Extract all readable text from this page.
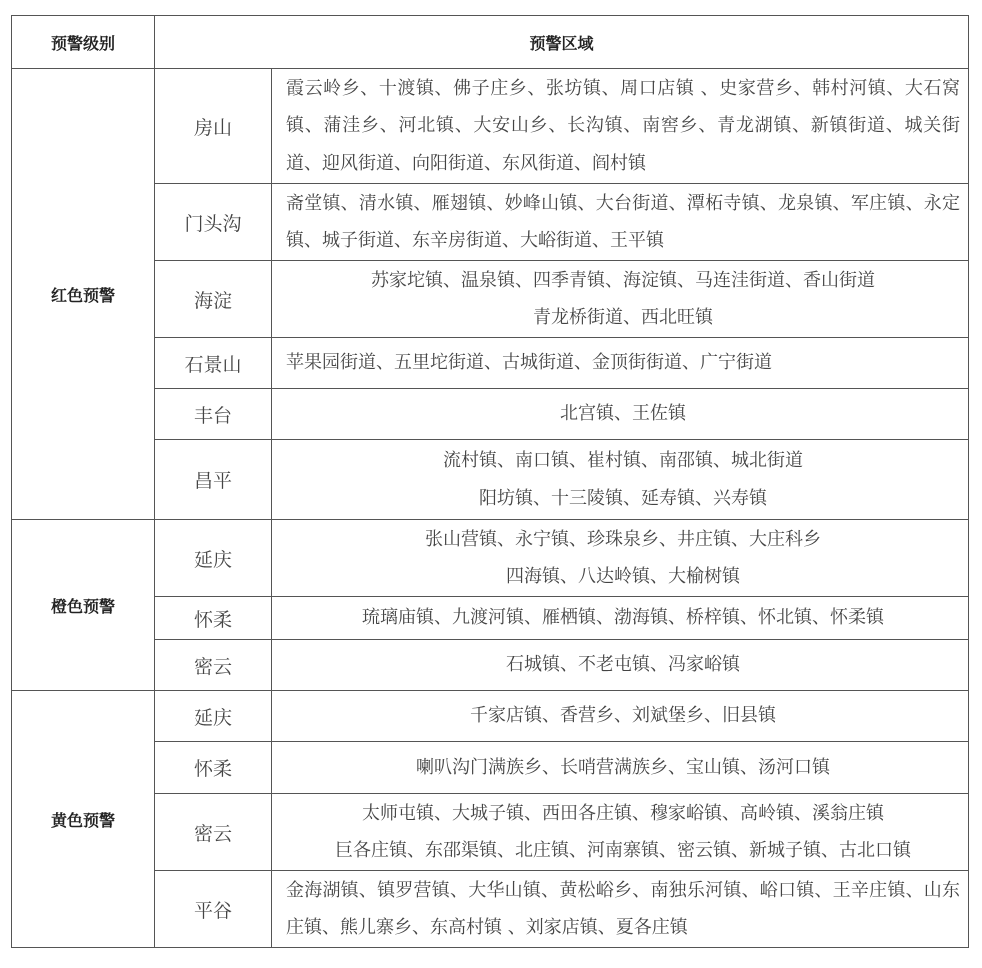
预警级别	预警区域	
红色预警	房山	霞云岭乡、十渡镇、佛子庄乡、张坊镇、周口店镇 、史家营乡、韩村河镇、大石窝镇、蒲洼乡、河北镇、大安山乡、长沟镇、南窖乡、青龙湖镇、新镇街道、城关街道、迎风街道、向阳街道、东风街道、阎村镇
	门头沟	斋堂镇、清水镇、雁翅镇、妙峰山镇、大台街道、潭柘寺镇、龙泉镇、军庄镇、永定镇、城子街道、东辛房街道、大峪街道、王平镇
	海淀	苏家坨镇、温泉镇、四季青镇、海淀镇、马连洼街道、香山街道
青龙桥街道、西北旺镇
	石景山	苹果园街道、五里坨街道、古城街道、金顶街街道、广宁街道
	丰台	北宫镇、王佐镇
	昌平	流村镇、南口镇、崔村镇、南邵镇、城北街道
阳坊镇、十三陵镇、延寿镇、兴寿镇
橙色预警	延庆	张山营镇、永宁镇、珍珠泉乡、井庄镇、大庄科乡
四海镇、八达岭镇、大榆树镇
	怀柔	琉璃庙镇、九渡河镇、雁栖镇、渤海镇、桥梓镇、怀北镇、怀柔镇
	密云	石城镇、不老屯镇、冯家峪镇
黄色预警	延庆	千家店镇、香营乡、刘斌堡乡、旧县镇
	怀柔	喇叭沟门满族乡、长哨营满族乡、宝山镇、汤河口镇
	密云	太师屯镇、大城子镇、西田各庄镇、穆家峪镇、高岭镇、溪翁庄镇
巨各庄镇、东邵渠镇、北庄镇、河南寨镇、密云镇、新城子镇、古北口镇
	平谷	金海湖镇、镇罗营镇、大华山镇、黄松峪乡、南独乐河镇、峪口镇、王辛庄镇、山东庄镇、熊儿寨乡、东高村镇 、刘家店镇、夏各庄镇
